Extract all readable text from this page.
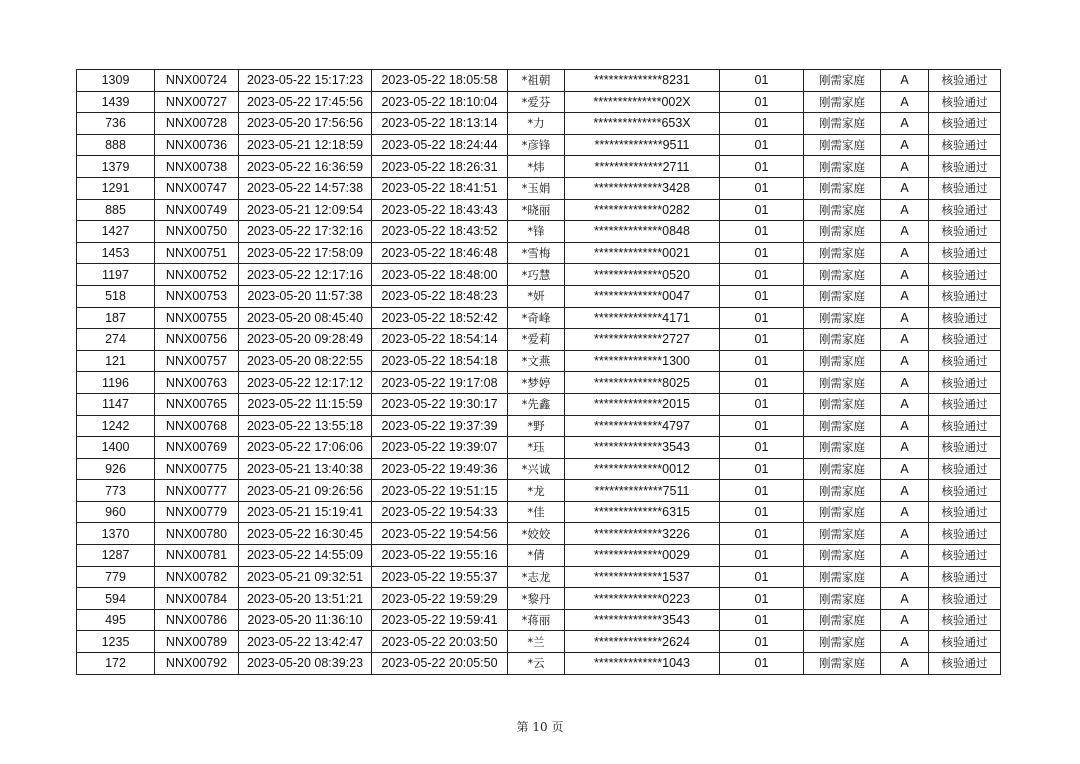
1309	NNX00724	2023-05-22 15:17:23	2023-05-22 18:05:58	*祖朝	**************8231	01	刚需家庭	A	核验通过
1439	NNX00727	2023-05-22 17:45:56	2023-05-22 18:10:04	*爱芬	**************002X	01	刚需家庭	A	核验通过
736	NNX00728	2023-05-20 17:56:56	2023-05-22 18:13:14	*力	**************653X	01	刚需家庭	A	核验通过
888	NNX00736	2023-05-21 12:18:59	2023-05-22 18:24:44	*彦锋	**************9511	01	刚需家庭	A	核验通过
1379	NNX00738	2023-05-22 16:36:59	2023-05-22 18:26:31	*炜	**************2711	01	刚需家庭	A	核验通过
1291	NNX00747	2023-05-22 14:57:38	2023-05-22 18:41:51	*玉娟	**************3428	01	刚需家庭	A	核验通过
885	NNX00749	2023-05-21 12:09:54	2023-05-22 18:43:43	*晓丽	**************0282	01	刚需家庭	A	核验通过
1427	NNX00750	2023-05-22 17:32:16	2023-05-22 18:43:52	*锋	**************0848	01	刚需家庭	A	核验通过
1453	NNX00751	2023-05-22 17:58:09	2023-05-22 18:46:48	*雪梅	**************0021	01	刚需家庭	A	核验通过
1197	NNX00752	2023-05-22 12:17:16	2023-05-22 18:48:00	*巧慧	**************0520	01	刚需家庭	A	核验通过
518	NNX00753	2023-05-20 11:57:38	2023-05-22 18:48:23	*妍	**************0047	01	刚需家庭	A	核验通过
187	NNX00755	2023-05-20 08:45:40	2023-05-22 18:52:42	*奇峰	**************4171	01	刚需家庭	A	核验通过
274	NNX00756	2023-05-20 09:28:49	2023-05-22 18:54:14	*爱莉	**************2727	01	刚需家庭	A	核验通过
121	NNX00757	2023-05-20 08:22:55	2023-05-22 18:54:18	*文燕	**************1300	01	刚需家庭	A	核验通过
1196	NNX00763	2023-05-22 12:17:12	2023-05-22 19:17:08	*梦婷	**************8025	01	刚需家庭	A	核验通过
1147	NNX00765	2023-05-22 11:15:59	2023-05-22 19:30:17	*先鑫	**************2015	01	刚需家庭	A	核验通过
1242	NNX00768	2023-05-22 13:55:18	2023-05-22 19:37:39	*野	**************4797	01	刚需家庭	A	核验通过
1400	NNX00769	2023-05-22 17:06:06	2023-05-22 19:39:07	*珏	**************3543	01	刚需家庭	A	核验通过
926	NNX00775	2023-05-21 13:40:38	2023-05-22 19:49:36	*兴诚	**************0012	01	刚需家庭	A	核验通过
773	NNX00777	2023-05-21 09:26:56	2023-05-22 19:51:15	*龙	**************7511	01	刚需家庭	A	核验通过
960	NNX00779	2023-05-21 15:19:41	2023-05-22 19:54:33	*佳	**************6315	01	刚需家庭	A	核验通过
1370	NNX00780	2023-05-22 16:30:45	2023-05-22 19:54:56	*姣姣	**************3226	01	刚需家庭	A	核验通过
1287	NNX00781	2023-05-22 14:55:09	2023-05-22 19:55:16	*倩	**************0029	01	刚需家庭	A	核验通过
779	NNX00782	2023-05-21 09:32:51	2023-05-22 19:55:37	*志龙	**************1537	01	刚需家庭	A	核验通过
594	NNX00784	2023-05-20 13:51:21	2023-05-22 19:59:29	*黎丹	**************0223	01	刚需家庭	A	核验通过
495	NNX00786	2023-05-20 11:36:10	2023-05-22 19:59:41	*蒋丽	**************3543	01	刚需家庭	A	核验通过
1235	NNX00789	2023-05-22 13:42:47	2023-05-22 20:03:50	*兰	**************2624	01	刚需家庭	A	核验通过
172	NNX00792	2023-05-20 08:39:23	2023-05-22 20:05:50	*云	**************1043	01	刚需家庭	A	核验通过
第 10 页
